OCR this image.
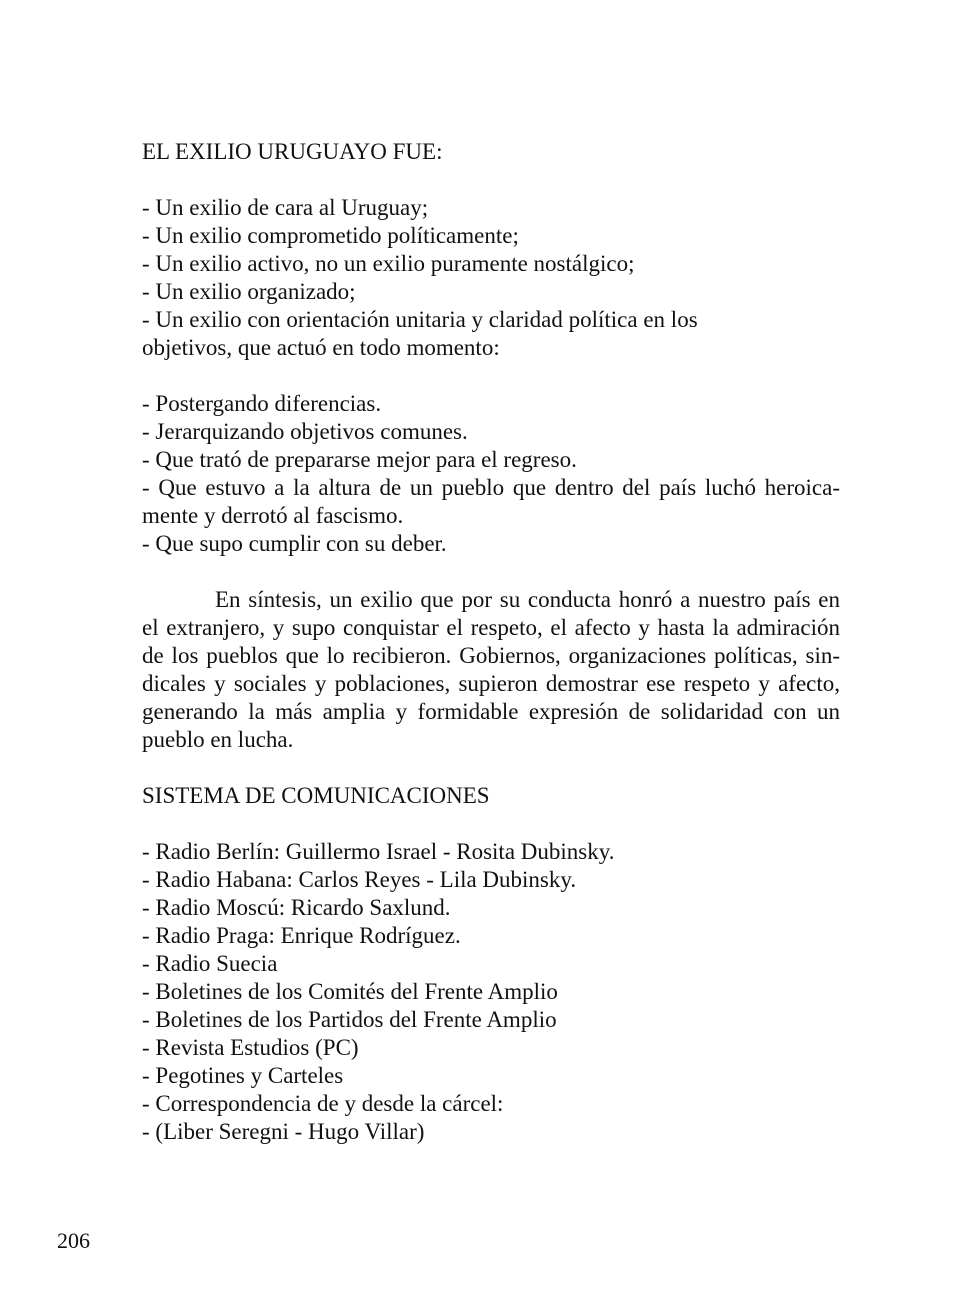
EL EXILIO URUGUAYO FUE:
- Un exilio de cara al Uruguay;
- Un exilio comprometido políticamente;
- Un exilio activo, no un exilio puramente nostálgico;
- Un exilio organizado;
- Un exilio con orientación unitaria y claridad política en los
objetivos, que actuó en todo momento:
- Postergando diferencias.
- Jerarquizando objetivos comunes.
- Que trató de prepararse mejor para el regreso.
- Que estuvo a la altura de un pueblo que dentro del país luchó heroica-
mente y derrotó al fascismo.
- Que supo cumplir con su deber.
En síntesis, un exilio que por su conducta honró a nuestro país en
el extranjero, y supo conquistar el respeto, el afecto y hasta la admiración
de los pueblos que lo recibieron. Gobiernos, organizaciones políticas, sin-
dicales y sociales y poblaciones, supieron demostrar ese respeto y afecto,
generando la más amplia y formidable expresión de solidaridad con un
pueblo en lucha.
SISTEMA DE COMUNICACIONES
- Radio Berlín: Guillermo Israel - Rosita Dubinsky.
- Radio Habana: Carlos Reyes - Lila Dubinsky.
- Radio Moscú: Ricardo Saxlund.
- Radio Praga: Enrique Rodríguez.
- Radio Suecia
- Boletines de los Comités del Frente Amplio
- Boletines de los Partidos del Frente Amplio
- Revista Estudios (PC)
- Pegotines y Carteles
- Correspondencia de y desde la cárcel:
- (Liber Seregni - Hugo Villar)
206
